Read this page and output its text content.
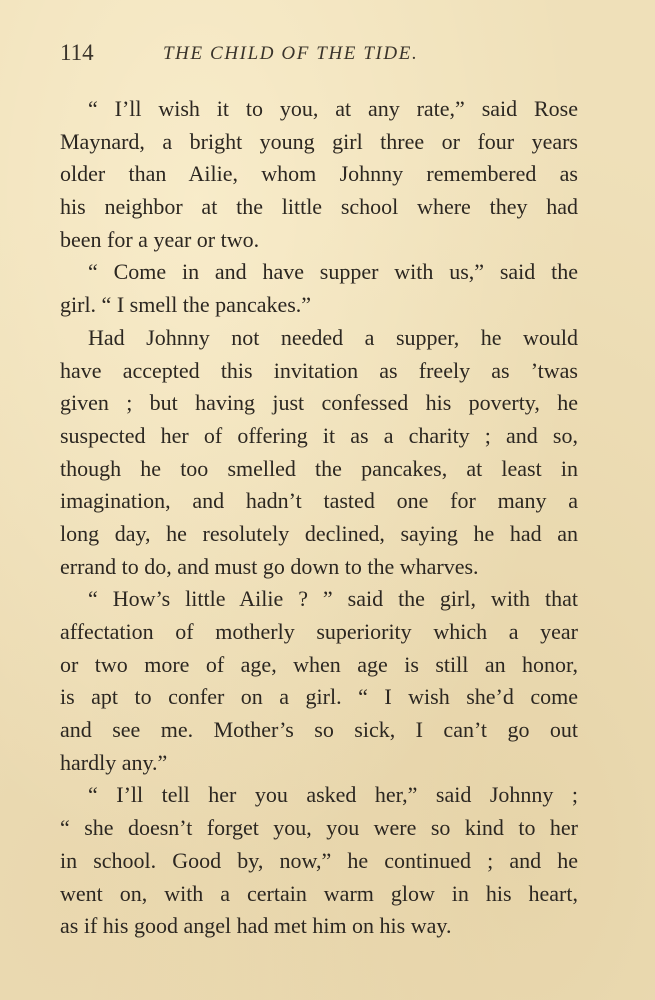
114	THE CHILD OF THE TIDE.
“ I’ll wish it to you, at any rate,” said Rose
Maynard, a bright young girl three or four years
older than Ailie, whom Johnny remembered as
his neighbor at the little school where they had
been for a year or two.
“ Come in and have supper with us,” said the
girl. “ I smell the pancakes.”
Had Johnny not needed a supper, he would
have accepted this invitation as freely as ’twas
given ; but having just confessed his poverty, he
suspected her of offering it as a charity ; and so,
though he too smelled the pancakes, at least in
imagination, and hadn’t tasted one for many a
long day, he resolutely declined, saying he had an
errand to do, and must go down to the wharves.
“ How’s little Ailie ? ” said the girl, with that
affectation of motherly superiority which a year
or two more of age, when age is still an honor,
is apt to confer on a girl. “ I wish she’d come
and see me. Mother’s so sick, I can’t go out
hardly any.”
“ I’ll tell her you asked her,” said Johnny ;
“ she doesn’t forget you, you were so kind to her
in school. Good by, now,” he continued ; and he
went on, with a certain warm glow in his heart,
as if his good angel had met him on his way.
